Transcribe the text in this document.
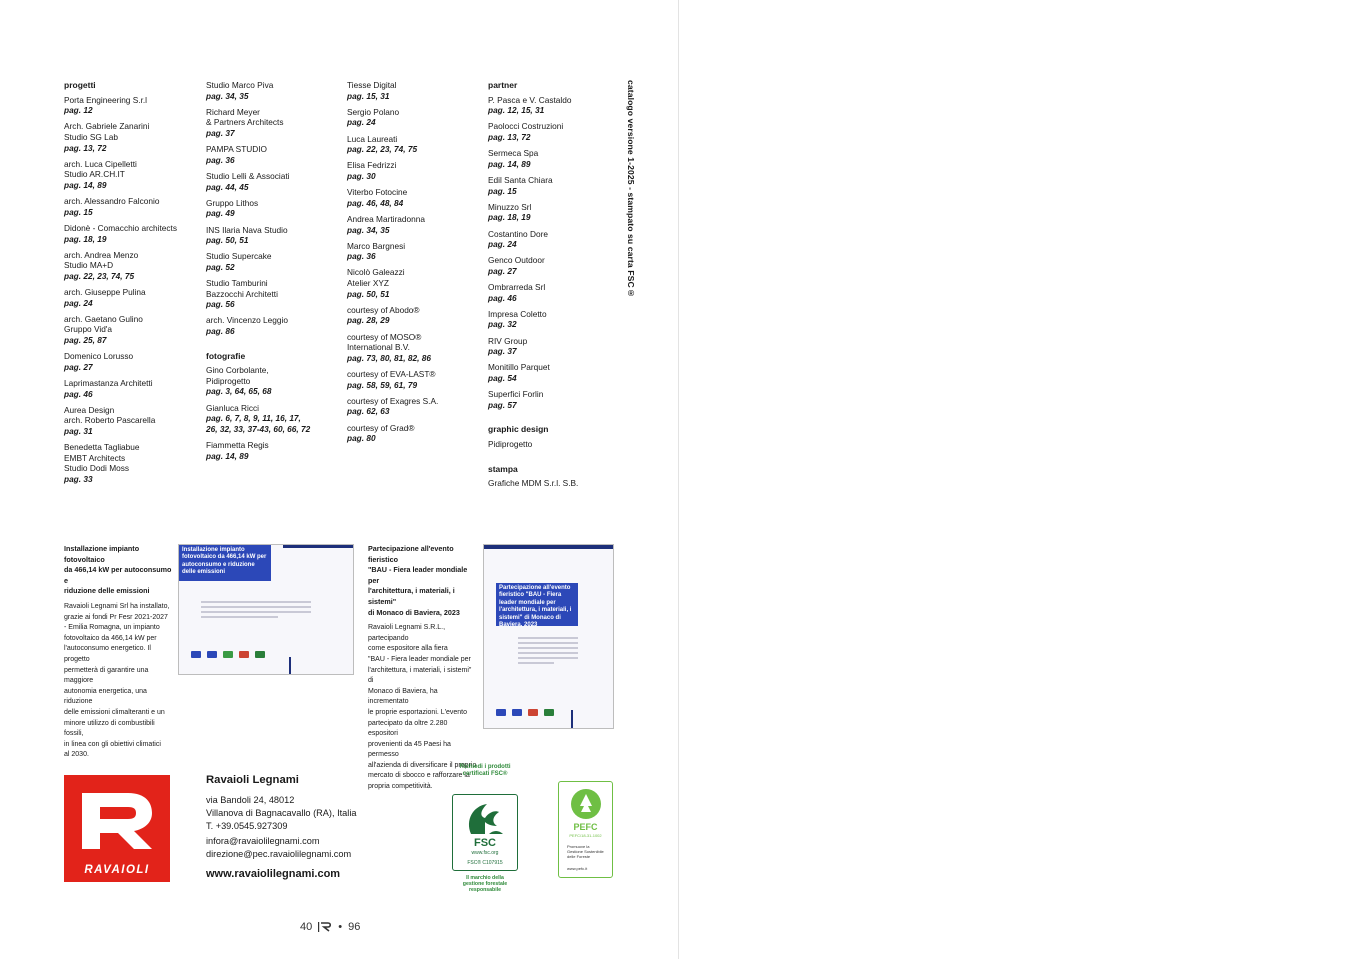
progetti
Porta Engineering S.r.l
pag. 12
Arch. Gabriele Zanarini
Studio SG Lab
pag. 13, 72
arch. Luca Cipelletti
Studio AR.CH.IT
pag. 14, 89
arch. Alessandro Falconio
pag. 15
Didonè - Comacchio architects
pag. 18, 19
arch. Andrea Menzo
Studio MA+D
pag. 22, 23, 74, 75
arch. Giuseppe Pulina
pag. 24
arch. Gaetano Gulino
Gruppo Vid'a
pag. 25, 87
Domenico Lorusso
pag. 27
Laprimastanza Architetti
pag. 46
Aurea Design
arch. Roberto Pascarella
pag. 31
Benedetta Tagliabue
EMBT Architects
Studio Dodi Moss
pag. 33
Studio Marco Piva
pag. 34, 35
Richard Meyer
& Partners Architects
pag. 37
PAMPA STUDIO
pag. 36
Studio Lelli & Associati
pag. 44, 45
Gruppo Lithos
pag. 49
INS Ilaria Nava Studio
pag. 50, 51
Studio Supercake
pag. 52
Studio Tamburini
Bazzocchi Architetti
pag. 56
arch. Vincenzo Leggio
pag. 86
fotografie
Gino Corbolante,
Pidiprogetto
pag. 3, 64, 65, 68
Gianluca Ricci
pag. 6, 7, 8, 9, 11, 16, 17,
26, 32, 33, 37-43, 60, 66, 72
Fiammetta Regis
pag. 14, 89
Tiesse Digital
pag. 15, 31
Sergio Polano
pag. 24
Luca Laureati
pag. 22, 23, 74, 75
Elisa Fedrizzi
pag. 30
Viterbo Fotocine
pag. 46, 48, 84
Andrea Martiradonna
pag. 34, 35
Marco Bargnesi
pag. 36
Nicolò Galeazzi
Atelier XYZ
pag. 50, 51
courtesy of Abodo®
pag. 28, 29
courtesy of MOSO®
International B.V.
pag. 73, 80, 81, 82, 86
courtesy of EVA-LAST®
pag. 58, 59, 61, 79
courtesy of Exagres S.A.
pag. 62, 63
courtesy of Grad®
pag. 80
partner
P. Pasca e V. Castaldo
pag. 12, 15, 31
Paolocci Costruzioni
pag. 13, 72
Sermeca Spa
pag. 14, 89
Edil Santa Chiara
pag. 15
Minuzzo Srl
pag. 18, 19
Costantino Dore
pag. 24
Genco Outdoor
pag. 27
Ombrarreda Srl
pag. 46
Impresa Coletto
pag. 32
RIV Group
pag. 37
Monitillo Parquet
pag. 54
Superfici Forlin
pag. 57
graphic design
Pidiprogetto
stampa
Grafiche MDM S.r.l. S.B.
catalogo versione 1-2025 - stampato su carta FSC®
Installazione impianto fotovoltaico
da 466,14 kW per autoconsumo e
riduzione delle emissioni
Ravaioli Legnami Srl ha installato,
grazie ai fondi Pr Fesr 2021-2027
- Emilia Romagna, un impianto
fotovoltaico da 466,14 kW per
l'autoconsumo energetico. Il progetto
permetterà di garantire una maggiore
autonomia energetica, una riduzione
delle emissioni climalteranti e un
minore utilizzo di combustibili fossili,
in linea con gli obiettivi climatici
al 2030.
Installazione impianto
fotovoltaico da 466,14 kW per
autoconsumo e riduzione
delle emissioni
Partecipazione all'evento fieristico
"BAU - Fiera leader mondiale per
l'architettura, i materiali, i sistemi"
di Monaco di Baviera, 2023
Ravaioli Legnami S.R.L., partecipando
come espositore alla fiera
"BAU - Fiera leader mondiale per
l'architettura, i materiali, i sistemi" di
Monaco di Baviera, ha incrementato
le proprie esportazioni. L'evento
partecipato da oltre 2.280 espositori
provenienti da 45 Paesi ha permesso
all'azienda di diversificare il proprio
mercato di sbocco e rafforzare la
propria competitività.
Partecipazione all'evento
fieristico "BAU - Fiera
leader mondiale per
l'architettura, i materiali, i
sistemi" di Monaco di
Baviera, 2023
RAVAIOLI
Ravaioli Legnami
via Bandoli 24, 48012
Villanova di Bagnacavallo (RA), Italia
T. +39.0545.927309
infora@ravaiolilegnami.com
direzione@pec.ravaiolilegnami.com
www.ravaiolilegnami.com
Richiedi i prodotti
certificati FSC®
FSC
www.fsc.org
FSC® C107915
Il marchio della
gestione forestale
responsabile
PEFC
PEFC/18-31-1002
Promuove la
Gestione Sostenibile
delle Foreste
www.pefc.it
40 • 96
